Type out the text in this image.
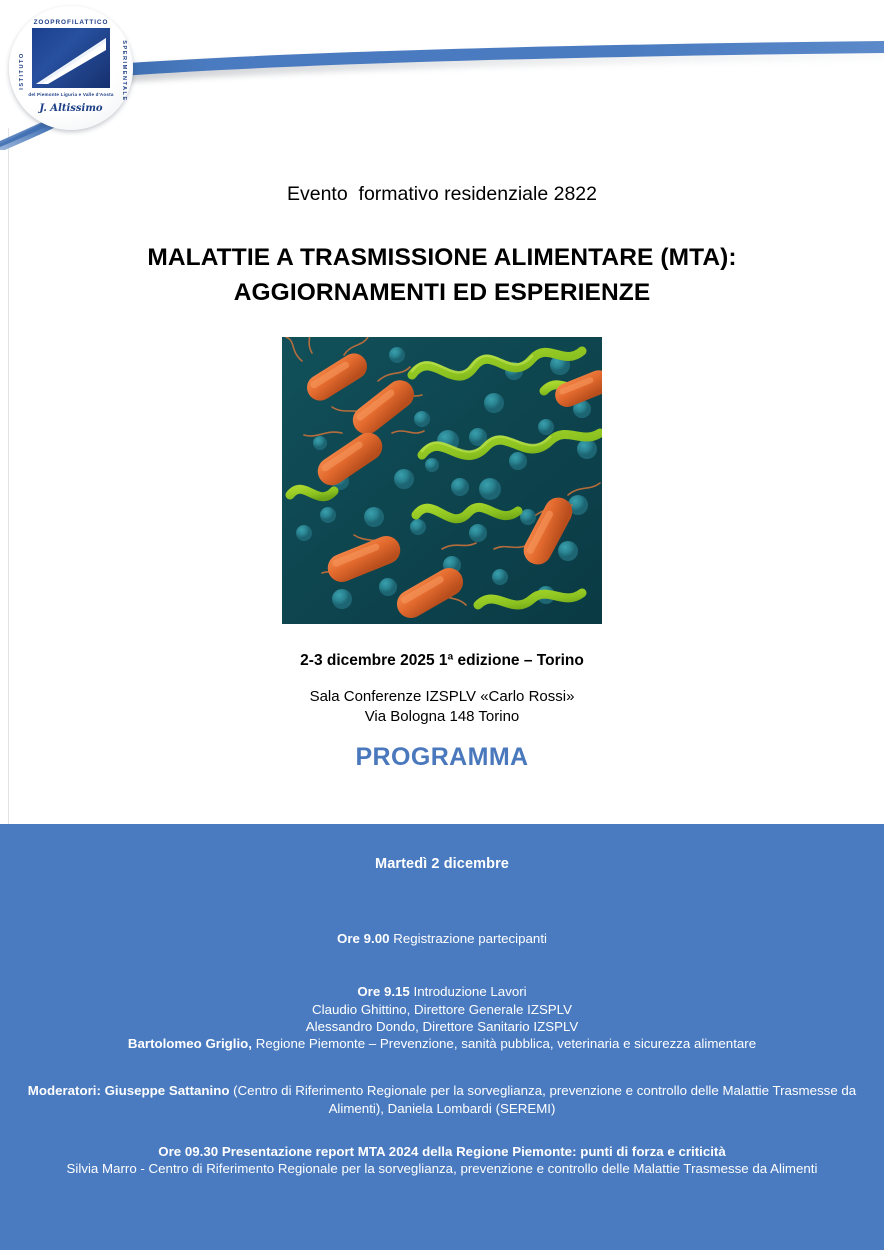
ZOOPROFILATTICO
ISTITUTO	SPERIMENTALE
del Piemonte Liguria e Valle d'Aosta
J. Altissimo
Evento  formativo residenziale 2822
MALATTIE A TRASMISSIONE ALIMENTARE (MTA):
AGGIORNAMENTI ED ESPERIENZE
2-3 dicembre 2025 1ª edizione – Torino
Sala Conferenze IZSPLV «Carlo Rossi»
Via Bologna 148 Torino
PROGRAMMA
Martedì 2 dicembre
Ore 9.00 Registrazione partecipanti
Ore 9.15 Introduzione Lavori
Claudio Ghittino, Direttore Generale IZSPLV
Alessandro Dondo, Direttore Sanitario IZSPLV
Bartolomeo Griglio, Regione Piemonte – Prevenzione, sanità pubblica, veterinaria e sicurezza alimentare
Moderatori: Giuseppe Sattanino (Centro di Riferimento Regionale per la sorveglianza, prevenzione e controllo delle Malattie Trasmesse da Alimenti), Daniela Lombardi (SEREMI)
Ore 09.30 Presentazione report MTA 2024 della Regione Piemonte: punti di forza e criticità
Silvia Marro - Centro di Riferimento Regionale per la sorveglianza, prevenzione e controllo delle Malattie Trasmesse da Alimenti
